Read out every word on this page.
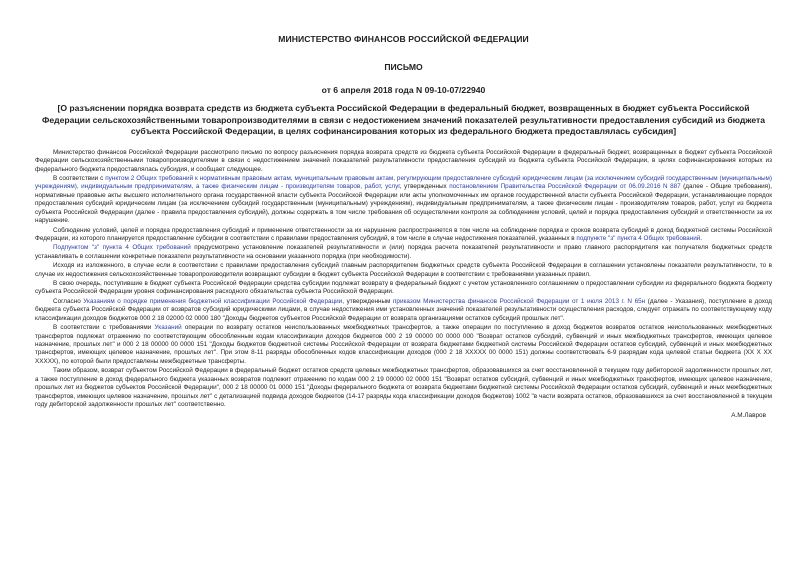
МИНИСТЕРСТВО ФИНАНСОВ РОССИЙСКОЙ ФЕДЕРАЦИИ
ПИСЬМО
от 6 апреля 2018 года N 09-10-07/22940
[О разъяснении порядка возврата средств из бюджета субъекта Российской Федерации в федеральный бюджет, возвращенных в бюджет субъекта Российской Федерации сельскохозяйственными товаропроизводителями в связи с недостижением значений показателей результативности предоставления субсидий из бюджета субъекта Российской Федерации, в целях софинансирования которых из федерального бюджета предоставлялась субсидия]

Министерство финансов Российской Федерации рассмотрело письмо по вопросу разъяснения порядка возврата средств из бюджета субъекта Российской Федерации в федеральный бюджет, возвращенных в бюджет субъекта Российской Федерации сельскохозяйственными товаропроизводителями в связи с недостижением значений показателей результативности предоставления субсидий из бюджета субъекта Российской Федерации, в целях софинансирования которых из федерального бюджета предоставлялась субсидия, и сообщает следующее.

В соответствии с пунктом 2 Общих требований к нормативным правовым актам, муниципальным правовым актам, регулирующим предоставление субсидий юридическим лицам (за исключением субсидий государственным (муниципальным) учреждениям), индивидуальным предпринимателям, а также физическим лицам - производителям товаров, работ, услуг, утвержденных постановлением Правительства Российской Федерации от 06.09.2016 N 887 (далее - Общие требования), нормативные правовые акты высшего исполнительного органа государственной власти субъекта Российской Федерации или акты уполномоченных им органов государственной власти субъекта Российской Федерации, устанавливающие порядок предоставления субсидий юридическим лицам (за исключением субсидий государственным (муниципальным) учреждениям), индивидуальным предпринимателям, а также физическим лицам - производителям товаров, работ, услуг из бюджета субъекта Российской Федерации (далее - правила предоставления субсидий), должны содержать в том числе требования об осуществлении контроля за соблюдением условий, целей и порядка предоставления субсидий и ответственности за их нарушение.

Соблюдение условий, целей и порядка предоставления субсидий и применение ответственности за их нарушение распространяется в том числе на соблюдение порядка и сроков возврата субсидий в доход бюджетной системы Российской Федерации, из которого планируется предоставление субсидии в соответствии с правилами предоставления субсидий, в том числе в случае недостижения показателей, указанных в подпункте "з" пункта 4 Общих требований.

Подпунктом "з" пункта 4 Общих требований предусмотрено установление показателей результативности и (или) порядка расчета показателей результативности и право главного распорядителя как получателя бюджетных средств устанавливать в соглашении конкретные показатели результативности на основании указанного порядка (при необходимости).

Исходя из изложенного, в случае если в соответствии с правилами предоставления субсидий главным распорядителем бюджетных средств субъекта Российской Федерации в соглашении установлены показатели результативности, то в случае их недостижения сельскохозяйственные товаропроизводители возвращают субсидии в бюджет субъекта Российской Федерации в соответствии с требованиями указанных правил.

В свою очередь, поступившие в бюджет субъекта Российской Федерации средства субсидии подлежат возврату в федеральный бюджет с учетом установленного соглашением о предоставлении субсидии из федерального бюджета бюджету субъекта Российской Федерации уровня софинансирования расходного обязательства субъекта Российской Федерации.

Согласно Указаниям о порядке применения бюджетной классификации Российской Федерации, утвержденным приказом Министерства финансов Российской Федерации от 1 июля 2013 г. N 65н (далее - Указания), поступление в доход бюджета субъекта Российской Федерации от возвратов субсидий юридическими лицами, в случае недостижения ими установленных значений показателей результативности осуществления расходов, следует отражать по соответствующему коду классификации доходов бюджетов 000 2 18 02000 02 0000 180 "Доходы бюджетов субъектов Российской Федерации от возврата организациями остатков субсидий прошлых лет".

В соответствии с требованиями Указаний операции по возврату остатков неиспользованных межбюджетных трансфертов, а также операции по поступлению в доход бюджетов возвратов остатков неиспользованных межбюджетных трансфертов подлежат отражению по соответствующим обособленным кодам классификации доходов бюджетов 000 2 19 00000 00 0000 000 "Возврат остатков субсидий, субвенций и иных межбюджетных трансфертов, имеющих целевое назначение, прошлых лет" и 000 2 18 00000 00 0000 151 "Доходы бюджетов бюджетной системы Российской Федерации от возврата бюджетами бюджетной системы Российской Федерации остатков субсидий, субвенций и иных межбюджетных трансфертов, имеющих целевое назначение, прошлых лет". При этом 8-11 разряды обособленных кодов классификации доходов (000 2 18 XXXXX 00 0000 151) должны соответствовать 6-9 разрядам кода целевой статьи бюджета (XX X XX XXXXX), по которой были предоставлены межбюджетные трансферты.

Таким образом, возврат субъектом Российской Федерации в федеральный бюджет остатков средств целевых межбюджетных трансфертов, образовавшихся за счет восстановленной в текущем году дебиторской задолженности прошлых лет, а также поступление в доход федерального бюджета указанных возвратов подлежит отражению по кодам 000 2 19 00000 02 0000 151 "Возврат остатков субсидий, субвенций и иных межбюджетных трансфертов, имеющих целевое назначение, прошлых лет из бюджетов субъектов Российской Федерации", 000 2 18 00000 01 0000 151 "Доходы федерального бюджета от возврата бюджетами бюджетной системы Российской Федерации остатков субсидий, субвенций и иных межбюджетных трансфертов, имеющих целевое назначение, прошлых лет" с детализацией подвида доходов бюджетов (14-17 разряды кода классификации доходов бюджетов) 1002 "в части возврата остатков, образовавшихся за счет восстановленной в текущем году дебиторской задолженности прошлых лет" соответственно.

А.М.Лавров
